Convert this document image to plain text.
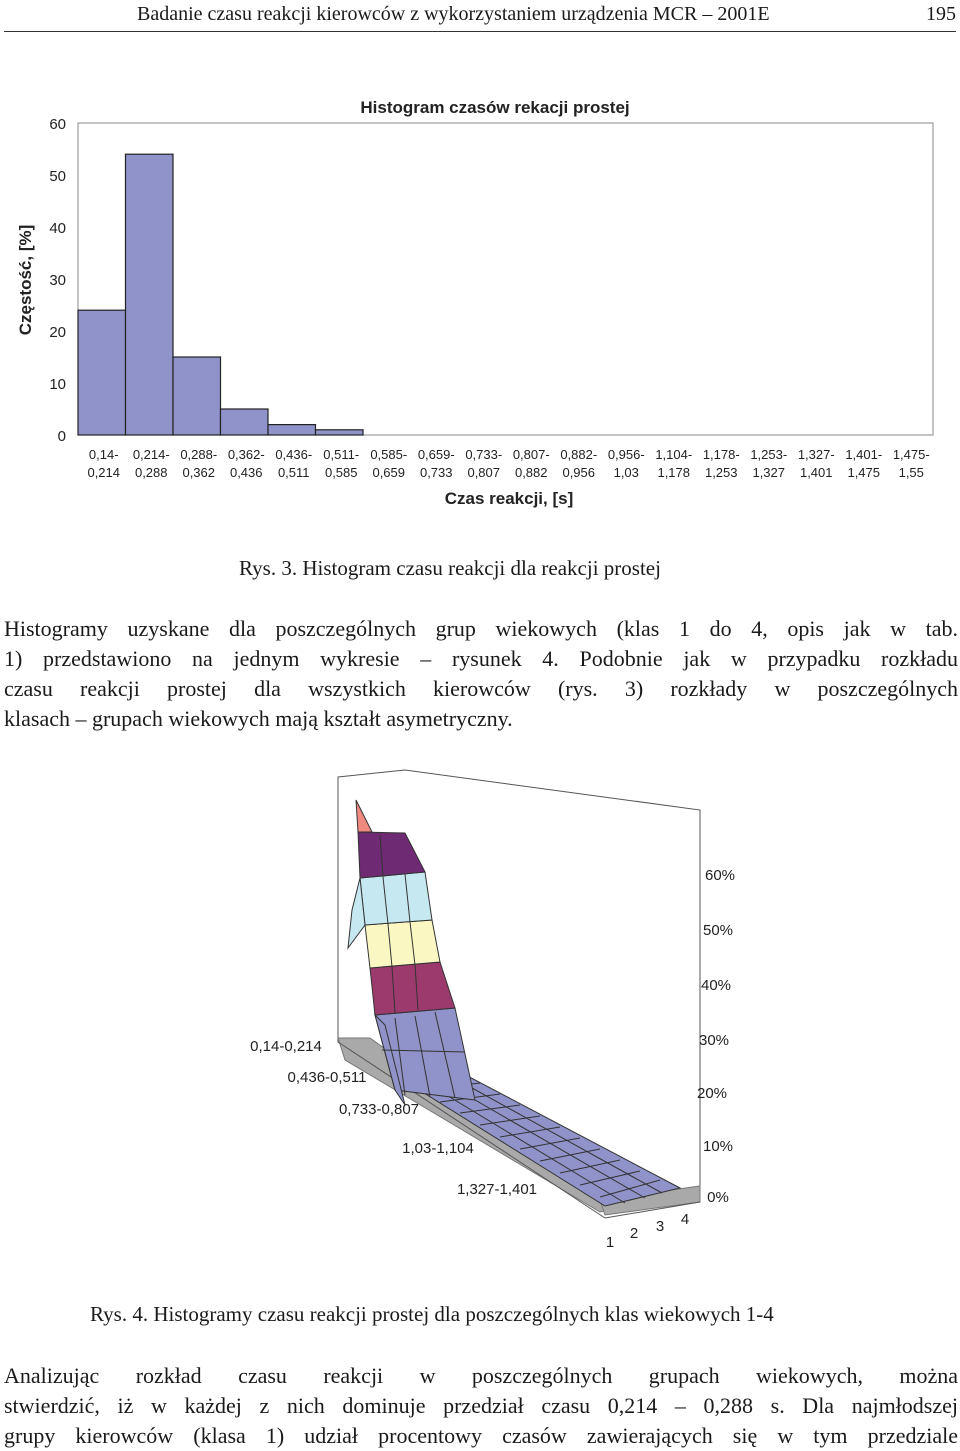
Badanie czasu reakcji kierowców z wykorzystaniem urządzenia MCR – 2001E	195
Histogram czasów rekacji prostej
Częstość, [%]
Czas reakcji, [s]
0
10
20
30
40
50
60
0,14-0,214
0,214-0,288
0,288-0,362
0,362-0,436
0,436-0,511
0,511-0,585
0,585-0,659
0,659-0,733
0,733-0,807
0,807-0,882
0,882-0,956
0,956-1,03
1,104-1,178
1,178-1,253
1,253-1,327
1,327-1,401
1,401-1,475
1,475-1,55
Rys. 3. Histogram czasu reakcji dla reakcji prostej
Histogramy uzyskane dla poszczególnych grup wiekowych (klas 1 do 4, opis jak w tab.
1) przedstawiono na jednym wykresie – rysunek 4. Podobnie jak w przypadku rozkładu
czasu reakcji prostej dla wszystkich kierowców (rys. 3) rozkłady w poszczególnych
klasach – grupach wiekowych mają kształt asymetryczny.
0%
10%
20%
30%
40%
50%
60%
0,14-0,214
0,436-0,511
0,733-0,807
1,03-1,104
1,327-1,401
1
2 3 4
Rys. 4. Histogramy czasu reakcji prostej dla poszczególnych klas wiekowych 1-4
Analizując rozkład czasu reakcji w poszczególnych grupach wiekowych, można
stwierdzić, iż w każdej z nich dominuje przedział czasu 0,214 – 0,288 s. Dla najmłodszej
grupy kierowców (klasa 1) udział procentowy czasów zawierających się w tym przedziale
